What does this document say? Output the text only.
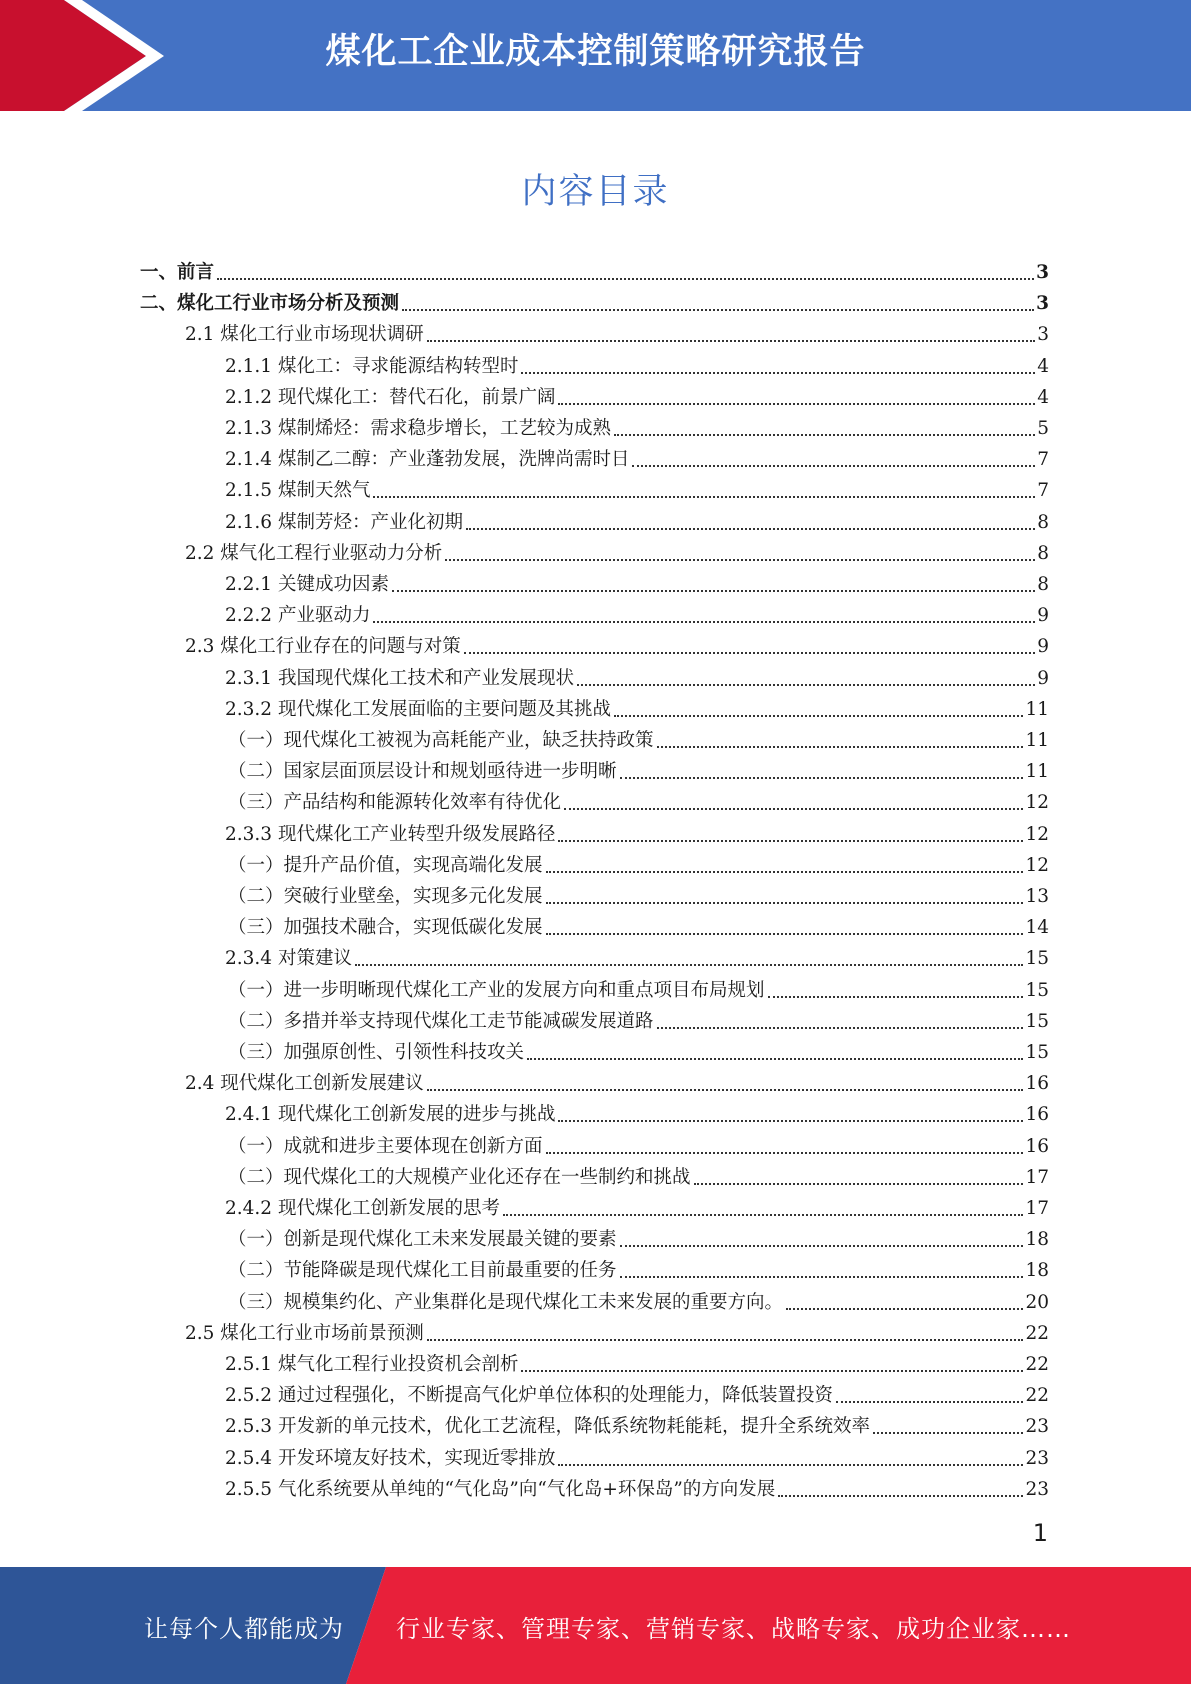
煤化工企业成本控制策略研究报告
内容目录
一、前言	3
二、煤化工行业市场分析及预测	3
2.1 煤化工行业市场现状调研	3
2.1.1 煤化工：寻求能源结构转型时	4
2.1.2 现代煤化工：替代石化，前景广阔	4
2.1.3 煤制烯烃：需求稳步增长，工艺较为成熟	5
2.1.4 煤制乙二醇：产业蓬勃发展，洗牌尚需时日	7
2.1.5 煤制天然气	7
2.1.6 煤制芳烃：产业化初期	8
2.2 煤气化工程行业驱动力分析	8
2.2.1 关键成功因素	8
2.2.2 产业驱动力	9
2.3 煤化工行业存在的问题与对策	9
2.3.1 我国现代煤化工技术和产业发展现状	9
2.3.2 现代煤化工发展面临的主要问题及其挑战	11
（一）现代煤化工被视为高耗能产业，缺乏扶持政策	11
（二）国家层面顶层设计和规划亟待进一步明晰	11
（三）产品结构和能源转化效率有待优化	12
2.3.3 现代煤化工产业转型升级发展路径	12
（一）提升产品价值，实现高端化发展	12
（二）突破行业壁垒，实现多元化发展	13
（三）加强技术融合，实现低碳化发展	14
2.3.4 对策建议	15
（一）进一步明晰现代煤化工产业的发展方向和重点项目布局规划	15
（二）多措并举支持现代煤化工走节能减碳发展道路	15
（三）加强原创性、引领性科技攻关	15
2.4 现代煤化工创新发展建议	16
2.4.1 现代煤化工创新发展的进步与挑战	16
（一）成就和进步主要体现在创新方面	16
（二）现代煤化工的大规模产业化还存在一些制约和挑战	17
2.4.2 现代煤化工创新发展的思考	17
（一）创新是现代煤化工未来发展最关键的要素	18
（二）节能降碳是现代煤化工目前最重要的任务	18
（三）规模集约化、产业集群化是现代煤化工未来发展的重要方向。	20
2.5 煤化工行业市场前景预测	22
2.5.1 煤气化工程行业投资机会剖析	22
2.5.2 通过过程强化，不断提高气化炉单位体积的处理能力，降低装置投资	22
2.5.3 开发新的单元技术，优化工艺流程，降低系统物耗能耗，提升全系统效率	23
2.5.4 开发环境友好技术，实现近零排放	23
2.5.5 气化系统要从单纯的“气化岛”向“气化岛+环保岛”的方向发展	23
1
让每个人都能成为 行业专家、管理专家、营销专家、战略专家、成功企业家……
